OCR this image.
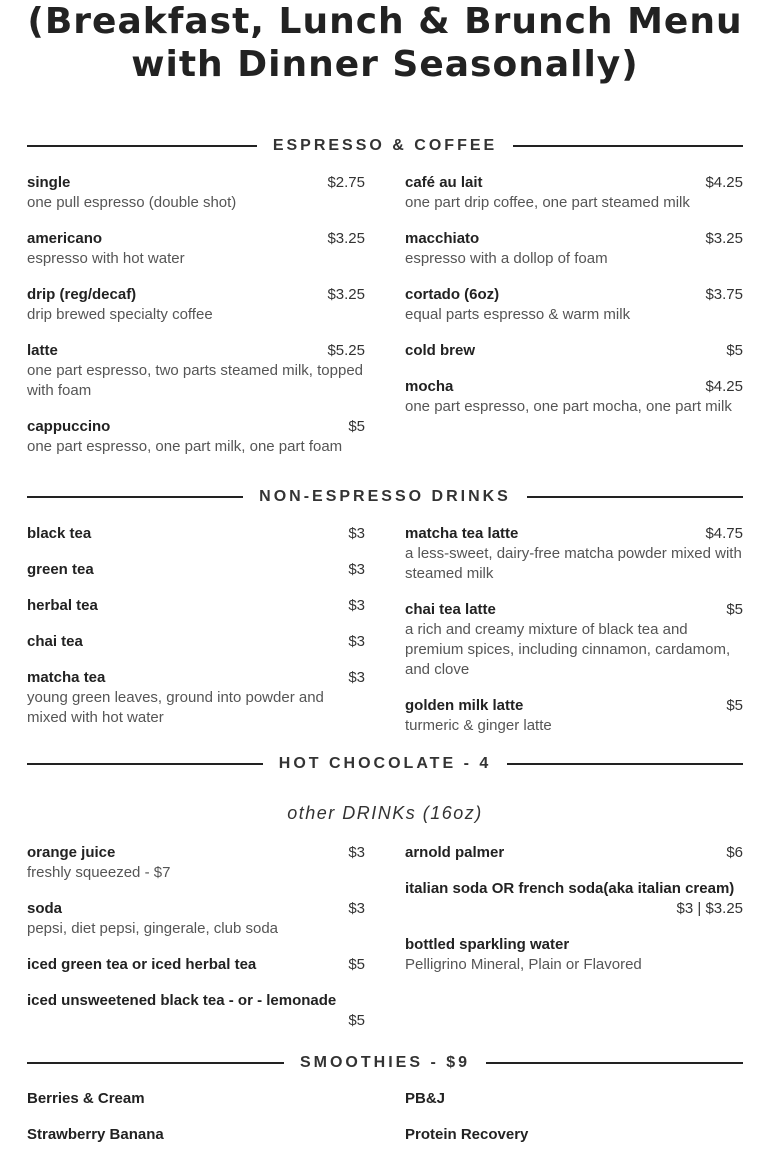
(Breakfast, Lunch & Brunch Menu with Dinner Seasonally)
ESPRESSO & COFFEE
single	$2.75
one pull espresso (double shot)
americano	$3.25
espresso with hot water
drip (reg/decaf)	$3.25
drip brewed specialty coffee
latte	$5.25
one part espresso, two parts steamed milk, topped with foam
cappuccino	$5
one part espresso, one part milk, one part foam
café au lait	$4.25
one part drip coffee, one part steamed milk
macchiato	$3.25
espresso with a dollop of foam
cortado (6oz)	$3.75
equal parts espresso & warm milk
cold brew	$5
mocha	$4.25
one part espresso, one part mocha, one part milk
NON-ESPRESSO DRINKS
black tea	$3
green tea	$3
herbal tea	$3
chai tea	$3
matcha tea	$3
young green leaves, ground into powder and mixed with hot water
matcha tea latte	$4.75
a less-sweet, dairy-free matcha powder mixed with steamed milk
chai tea latte	$5
a rich and creamy mixture of black tea and premium spices, including cinnamon, cardamom, and clove
golden milk latte	$5
turmeric & ginger latte
HOT CHOCOLATE - 4
other DRINKs (16oz)
orange juice	$3
freshly squeezed - $7
soda	$3
pepsi, diet pepsi, gingerale, club soda
iced green tea or iced herbal tea	$5
iced unsweetened black tea - or - lemonade
$5
arnold palmer	$6
italian soda OR french soda(aka italian cream)
$3 | $3.25
bottled sparkling water
Pelligrino Mineral, Plain or Flavored
SMOOTHIES - $9
Berries & Cream
Strawberry Banana
PB&J
Protein Recovery
